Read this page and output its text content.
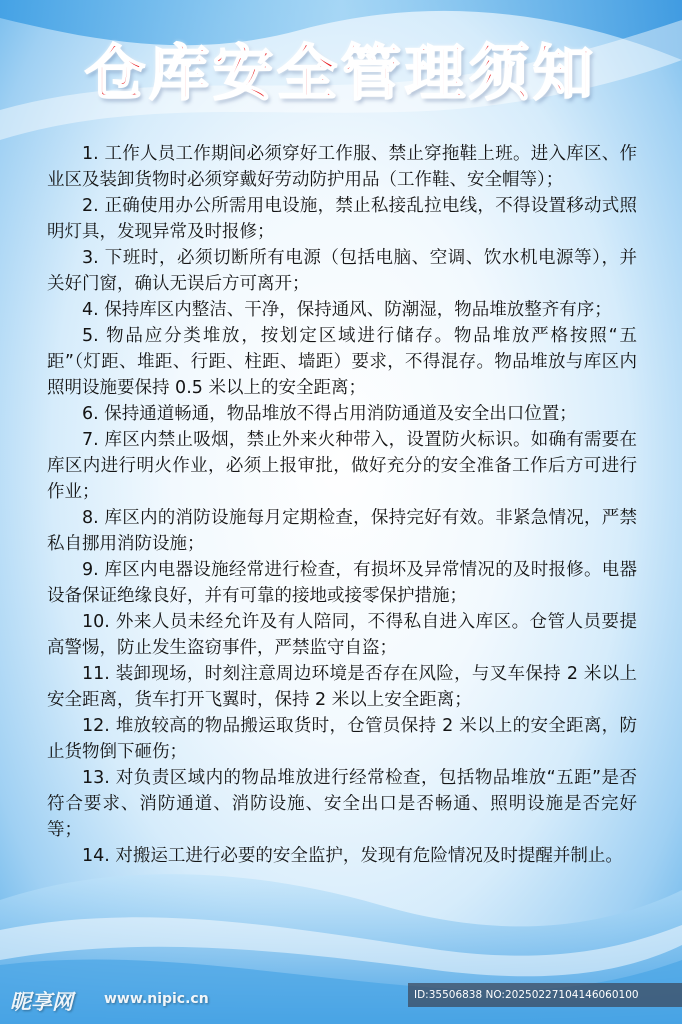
仓库安全管理须知

1. 工作人员工作期间必须穿好工作服、禁止穿拖鞋上班。进入库区、作业区及装卸货物时必须穿戴好劳动防护用品（工作鞋、安全帽等）；

2. 正确使用办公所需用电设施，禁止私接乱拉电线，不得设置移动式照明灯具，发现异常及时报修；

3. 下班时，必须切断所有电源（包括电脑、空调、饮水机电源等），并关好门窗，确认无误后方可离开；

4. 保持库区内整洁、干净，保持通风、防潮湿，物品堆放整齐有序；

5. 物品应分类堆放，按划定区域进行储存。物品堆放严格按照“五距”（灯距、堆距、行距、柱距、墙距）要求，不得混存。物品堆放与库区内照明设施要保持 0.5 米以上的安全距离；

6. 保持通道畅通，物品堆放不得占用消防通道及安全出口位置；

7. 库区内禁止吸烟，禁止外来火种带入，设置防火标识。如确有需要在库区内进行明火作业，必须上报审批，做好充分的安全准备工作后方可进行作业；

8. 库区内的消防设施每月定期检查，保持完好有效。非紧急情况，严禁私自挪用消防设施；

9. 库区内电器设施经常进行检查，有损坏及异常情况的及时报修。电器设备保证绝缘良好，并有可靠的接地或接零保护措施；

10. 外来人员未经允许及有人陪同，不得私自进入库区。仓管人员要提高警惕，防止发生盗窃事件，严禁监守自盗；

11. 装卸现场，时刻注意周边环境是否存在风险，与叉车保持 2 米以上安全距离，货车打开飞翼时，保持 2 米以上安全距离；

12. 堆放较高的物品搬运取货时，仓管员保持 2 米以上的安全距离，防止货物倒下砸伤；

13. 对负责区域内的物品堆放进行经常检查，包括物品堆放“五距”是否符合要求、消防通道、消防设施、安全出口是否畅通、照明设施是否完好等；

14. 对搬运工进行必要的安全监护，发现有危险情况及时提醒并制止。

昵享网 www.nipic.cn	ID:35506838 NO:20250227104146060100
